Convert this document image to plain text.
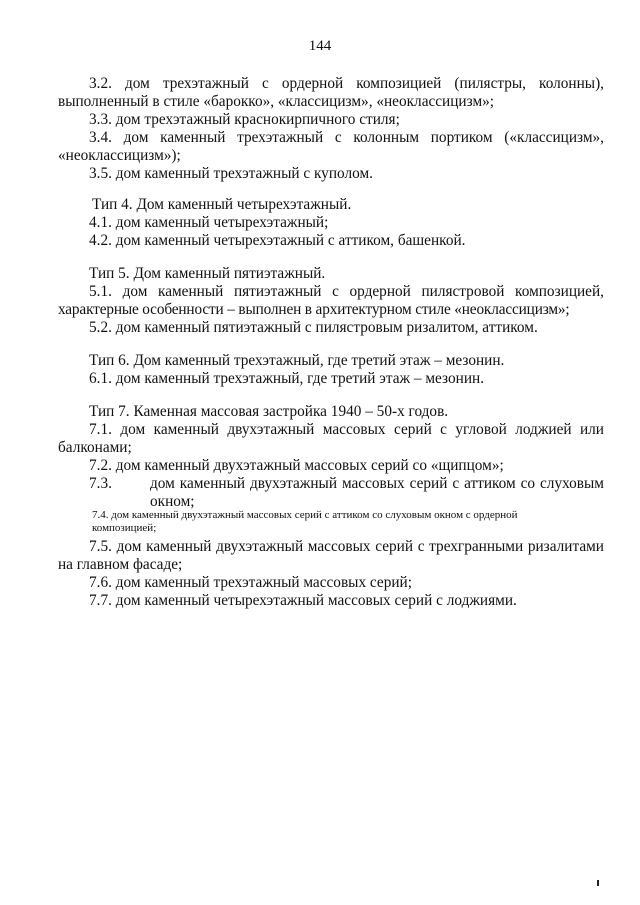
144
3.2. дом трехэтажный с ордерной композицией (пилястры, колонны),
выполненный в стиле «барокко», «классицизм», «неоклассицизм»;
3.3. дом трехэтажный краснокирпичного стиля;
3.4. дом каменный трехэтажный с колонным портиком («классицизм»,
«неоклассицизм»);
3.5. дом каменный трехэтажный с куполом.
Тип 4. Дом каменный четырехэтажный.
4.1. дом каменный четырехэтажный;
4.2. дом каменный четырехэтажный с аттиком, башенкой.
Тип 5. Дом каменный пятиэтажный.
5.1. дом каменный пятиэтажный с ордерной пилястровой композицией,
характерные особенности – выполнен в архитектурном стиле «неоклассицизм»;
5.2. дом каменный пятиэтажный с пилястровым ризалитом, аттиком.
Тип 6. Дом каменный трехэтажный, где третий этаж – мезонин.
6.1. дом каменный трехэтажный, где третий этаж – мезонин.
Тип 7. Каменная массовая застройка 1940 – 50-х годов.
7.1. дом каменный двухэтажный массовых серий с угловой лоджией или
балконами;
7.2. дом каменный двухэтажный массовых серий со «щипцом»;
7.3. дом каменный двухэтажный массовых серий с аттиком со слуховым
окном;
7.4. дом каменный двухэтажный массовых серий с аттиком со слуховым окном с ордерной
композицией;
7.5. дом каменный двухэтажный массовых серий с трехгранными ризалитами
на главном фасаде;
7.6. дом каменный трехэтажный массовых серий;
7.7. дом каменный четырехэтажный массовых серий с лоджиями.
